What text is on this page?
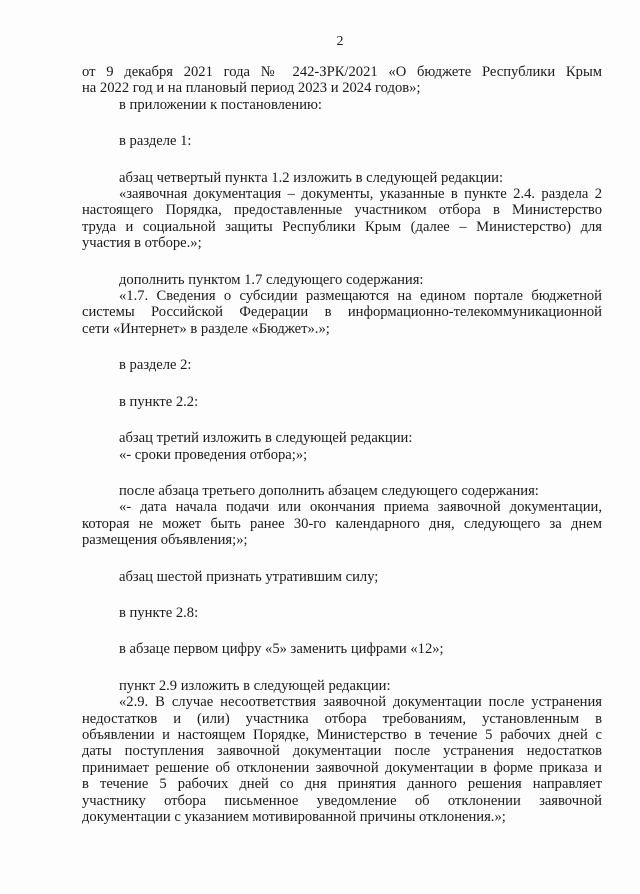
2
от 9 декабря 2021 года № 242-ЗРК/2021 «О бюджете Республики Крым
на 2022 год и на плановый период 2023 и 2024 годов»;
в приложении к постановлению:
в разделе 1:
абзац четвертый пункта 1.2 изложить в следующей редакции:
«заявочная документация – документы, указанные в пункте 2.4. раздела 2
настоящего Порядка, предоставленные участником отбора в Министерство
труда и социальной защиты Республики Крым (далее – Министерство) для
участия в отборе.»;
дополнить пунктом 1.7 следующего содержания:
«1.7. Сведения о субсидии размещаются на едином портале бюджетной
системы Российской Федерации в информационно-телекоммуникационной
сети «Интернет» в разделе «Бюджет».»;
в разделе 2:
в пункте 2.2:
абзац третий изложить в следующей редакции:
«- сроки проведения отбора;»;
после абзаца третьего дополнить абзацем следующего содержания:
«- дата начала подачи или окончания приема заявочной документации,
которая не может быть ранее 30-го календарного дня, следующего за днем
размещения объявления;»;
абзац шестой признать утратившим силу;
в пункте 2.8:
в абзаце первом цифру «5» заменить цифрами «12»;
пункт 2.9 изложить в следующей редакции:
«2.9. В случае несоответствия заявочной документации после устранения
недостатков и (или) участника отбора требованиям, установленным в
объявлении и настоящем Порядке, Министерство в течение 5 рабочих дней с
даты поступления заявочной документации после устранения недостатков
принимает решение об отклонении заявочной документации в форме приказа и
в течение 5 рабочих дней со дня принятия данного решения направляет
участнику отбора письменное уведомление об отклонении заявочной
документации с указанием мотивированной причины отклонения.»;
